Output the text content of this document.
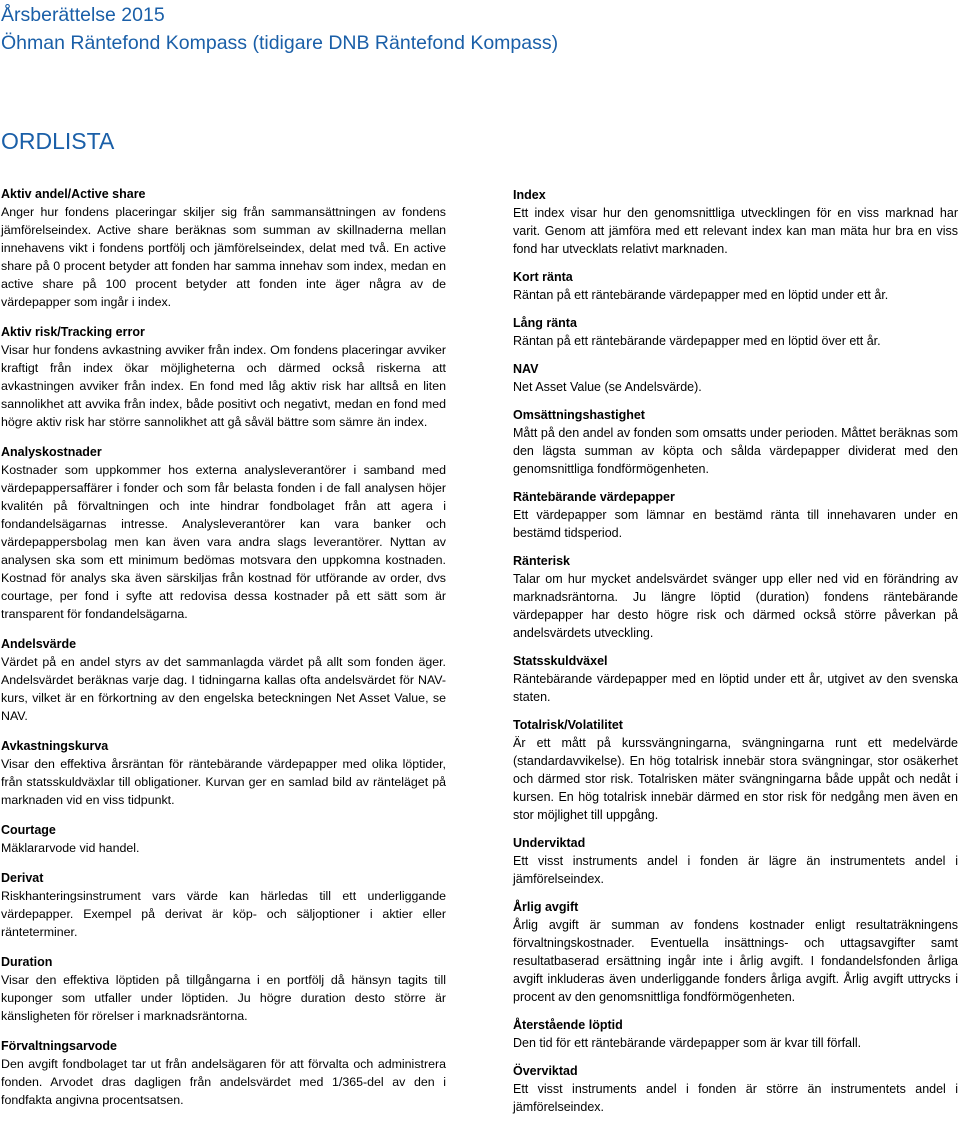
Årsberättelse 2015

Öhman Räntefond Kompass (tidigare DNB Räntefond Kompass)

ORDLISTA

Aktiv andel/Active share

Anger hur fondens placeringar skiljer sig från sammansättningen av fondens jämförelseindex. Active share beräknas som summan av skillnaderna mellan innehavens vikt i fondens portfölj och jämförelseindex, delat med två. En active share på 0 procent betyder att fonden har samma innehav som index, medan en active share på 100 procent betyder att fonden inte äger några av de värdepapper som ingår i index.

Aktiv risk/Tracking error

Visar hur fondens avkastning avviker från index. Om fondens placeringar avviker kraftigt från index ökar möjligheterna och därmed också riskerna att avkastningen avviker från index. En fond med låg aktiv risk har alltså en liten sannolikhet att avvika från index, både positivt och negativt, medan en fond med högre aktiv risk har större sannolikhet att gå såväl bättre som sämre än index.

Analyskostnader

Kostnader som uppkommer hos externa analysleverantörer i samband med värdepappersaffärer i fonder och som får belasta fonden i de fall analysen höjer kvalitén på förvaltningen och inte hindrar fondbolaget från att agera i fondandelsägarnas intresse. Analysleverantörer kan vara banker och värdepappersbolag men kan även vara andra slags leverantörer. Nyttan av analysen ska som ett minimum bedömas motsvara den uppkomna kostnaden. Kostnad för analys ska även särskiljas från kostnad för utförande av order, dvs courtage, per fond i syfte att redovisa dessa kostnader på ett sätt som är transparent för fondandelsägarna.

Andelsvärde

Värdet på en andel styrs av det sammanlagda värdet på allt som fonden äger. Andelsvärdet beräknas varje dag. I tidningarna kallas ofta andelsvärdet för NAV-kurs, vilket är en förkortning av den engelska beteckningen Net Asset Value, se NAV.

Avkastningskurva

Visar den effektiva årsräntan för räntebärande värdepapper med olika löptider, från statsskuldväxlar till obligationer. Kurvan ger en samlad bild av ränteläget på marknaden vid en viss tidpunkt.

Courtage

Mäklararvode vid handel.

Derivat

Riskhanteringsinstrument vars värde kan härledas till ett underliggande värdepapper. Exempel på derivat är köp- och säljoptioner i aktier eller ränteterminer.

Duration

Visar den effektiva löptiden på tillgångarna i en portfölj då hänsyn tagits till kuponger som utfaller under löptiden. Ju högre duration desto större är känsligheten för rörelser i marknadsräntorna.

Förvaltningsarvode

Den avgift fondbolaget tar ut från andelsägaren för att förvalta och administrera fonden. Arvodet dras dagligen från andelsvärdet med 1/365-del av den i fondfakta angivna procentsatsen.

Index

Ett index visar hur den genomsnittliga utvecklingen för en viss marknad har varit. Genom att jämföra med ett relevant index kan man mäta hur bra en viss fond har utvecklats relativt marknaden.

Kort ränta

Räntan på ett räntebärande värdepapper med en löptid under ett år.

Lång ränta

Räntan på ett räntebärande värdepapper med en löptid över ett år.

NAV

Net Asset Value (se Andelsvärde).

Omsättningshastighet

Mått på den andel av fonden som omsatts under perioden. Måttet beräknas som den lägsta summan av köpta och sålda värdepapper dividerat med den genomsnittliga fondförmögenheten.

Räntebärande värdepapper

Ett värdepapper som lämnar en bestämd ränta till innehavaren under en bestämd tidsperiod.

Ränterisk

Talar om hur mycket andelsvärdet svänger upp eller ned vid en förändring av marknadsräntorna. Ju längre löptid (duration) fondens räntebärande värdepapper har desto högre risk och därmed också större påverkan på andelsvärdets utveckling.

Statsskuldväxel

Räntebärande värdepapper med en löptid under ett år, utgivet av den svenska staten.

Totalrisk/Volatilitet

Är ett mått på kurssvängningarna, svängningarna runt ett medelvärde (standardavvikelse). En hög totalrisk innebär stora svängningar, stor osäkerhet och därmed stor risk. Totalrisken mäter svängningarna både uppåt och nedåt i kursen. En hög totalrisk innebär därmed en stor risk för nedgång men även en stor möjlighet till uppgång.

Underviktad

Ett visst instruments andel i fonden är lägre än instrumentets andel i jämförelseindex.

Årlig avgift

Årlig avgift är summan av fondens kostnader enligt resultaträkningens förvaltningskostnader. Eventuella insättnings- och uttagsavgifter samt resultatbaserad ersättning ingår inte i årlig avgift. I fondandelsfonden årliga avgift inkluderas även underliggande fonders årliga avgift. Årlig avgift uttrycks i procent av den genomsnittliga fondförmögenheten.

Återstående löptid

Den tid för ett räntebärande värdepapper som är kvar till förfall.

Överviktad

Ett visst instruments andel i fonden är större än instrumentets andel i jämförelseindex.
